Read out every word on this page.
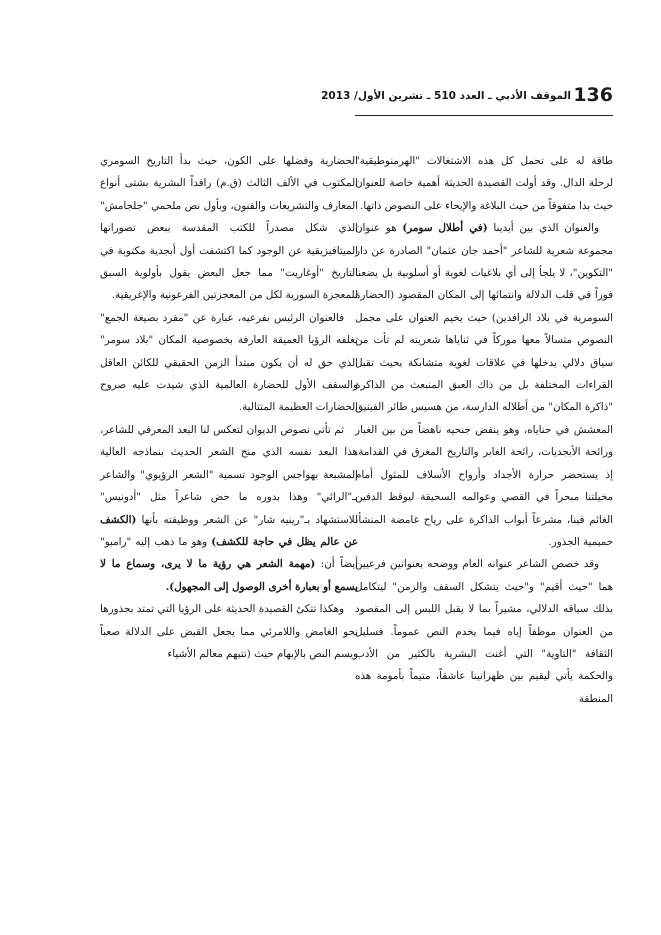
136
الموقف الأدبي ـ العدد 510 ـ تشرين الأول/ 2013

طاقة له على تحمل كل هذه الاشتغالات "الهرمنوطيقية" لرحلة الدال. وقد أولت القصيدة الحديثة أهمية خاصة للعنوان حيث بدا متفوقاً من حيث البلاغة والإيحاء على النصوص ذاتها.

والعنوان الذي بين أيدينا (في أطلال سومر) هو عنوان مجموعة شعرية للشاعر "أحمد جان عثمان" الصادرة عن دار "التكوين"، لا يلجأ إلى أي بلاغيات لغوية أو أسلوبية بل يضعنا فوراً في قلب الدلالة وانتمائها إلى المكان المقصود (الحضارة السومرية في بلاد الرافدين) حيث يخيم العنوان على مجمل النصوص متسالاً معها موركاً في ثناياها شعريته لم تأت من سياق دلالي يدخلها في علاقات لغوية متشابكة بحيث تقبل القراءات المختلفة بل من ذاك العبق المنبعث من الذاكرة "ذاكرة المكان" من أطلاله الدارسة، من هسيس طائر الفينيق المعشش في حناياه، وهو ينفض جنحيه ناهضاً من بين الغبار ورائحة الأبجديات، رائحة الغابر والتاريخ المغرق في القدامة. إذ يستحضر حرارة الأجداد وأرواح الأسلاف للمثول أمام مخيلتنا مبحراً في القصي وعوالمه السحيقة ليوقظ الدفين الغائم فينا، مشرعاً أبواب الذاكرة على رياح غامضة المنشأ، حميمية الجذور.

وقد خصص الشاعر عنوانه العام ووضحه بعنوانين فرعيين هما "حيث أقيم" و"حيث يتشكل السقف والزمن" ليتكامل بذلك سياقه الدلالي، مشيراً بما لا يقبل اللبس إلى المقصود من العنوان موظفاً إياه فيما يخدم النص عموماً. فسليل الثقافة "التاوية" التي أغنت البشرية بالكثير من الأدب والحكمة يأتي ليقيم بين ظهرانينا عاشقاً، متيماً بأمومة هذه المنطقة

الحضارية وفضلها على الكون، حيث بدأ التاريخ السومري المكتوب في الألف الثالث (ق.م) رافداً البشرية بشتى أنواع المعارف والتشريعات والفنون، وبأول نص ملحمي "جلجامش" الذي شكل مصدراً للكتب المقدسة ببعض تصوراتها الميتافيزيقية عن الوجود كما اكتشفت أول أبجدية مكتوبة في التاريخ "أوغاريت" مما جعل البعض يقول بأولوية السبق للمعجزة السورية لكل من المعجزتين الفرعونية والإغريقية.

فالعنوان الرئيس بفرعيه، عبارة عن "مفرد بصيغة الجمع" تغلفه الرؤيا العميقة العارفة بخصوصية المكان "بلاد سومر" الذي حق له أن يكون مبتدأ الزمن الحقيقي للكائن العاقل والسقف الأول للحضارة العالمية الذي شيدت عليه صروح الحضارات العظيمة المتتالية.

ثم تأتي نصوص الديوان لتعكس لنا البعد المعرفي للشاعر، هذا البعد نفسه الذي منح الشعر الحديث بنماذجه العالية المشبعة بهواجس الوجود تسمية "الشعر الرؤيوي" والشاعر بـ"الرائي" وهذا بدوره ما حض شاعراً مثل "أدونيس" للاستشهاد بـ"رينيه شار" عن الشعر ووظيفته بأنها (الكشف عن عالم يظل في حاجة للكشف) وهو ما ذهب إليه "رامبو" أيضاً أن: (مهمة الشعر هي رؤية ما لا يرى، وسماع ما لا يسمع أو بعبارة أخرى الوصول إلى المجهول).

وهكذا تتكئ القصيدة الحديثة على الرؤيا التي تمتد بجذورها نحو الغامض واللامرئي مما يجعل القبض على الدلالة صعباً ويسم النص بالإبهام حيث (تتبهم معالم الأشياء
